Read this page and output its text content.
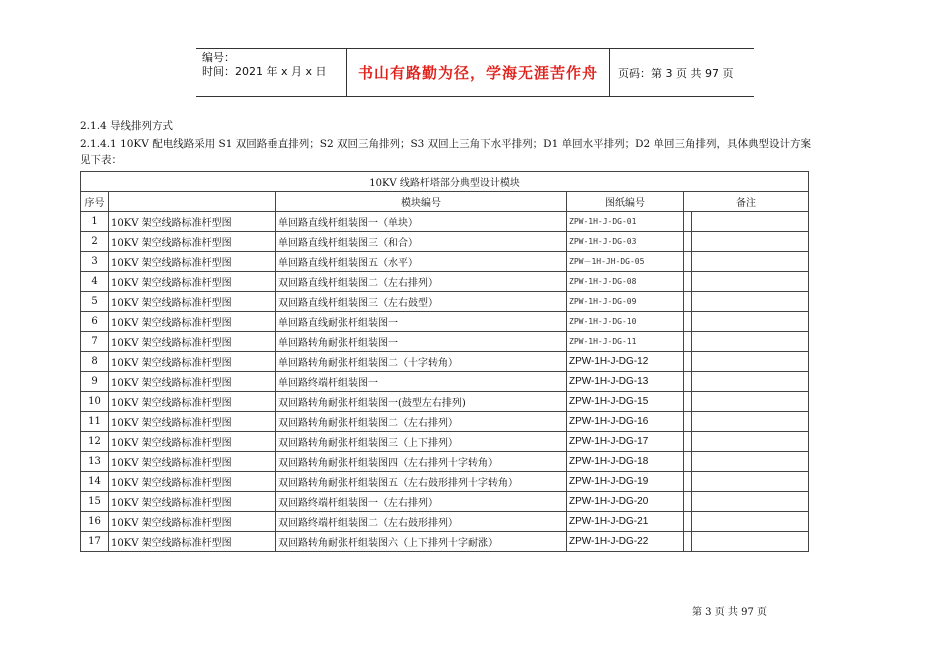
编号：
时间：2021 年 x 月 x 日	书山有路勤为径，学海无涯苦作舟	页码：第 3 页 共 97 页
2.1.4 导线排列方式
2.1.4.1 10KV 配电线路采用 S1 双回路垂直排列；S2 双回三角排列；S3 双回上三角下水平排列；D1 单回水平排列；D2 单回三角排列，具体典型设计方案
见下表：
10KV 线路杆塔部分典型设计模块					
序号		模块编号	图纸编号	备注	
1	10KV 架空线路标准杆型图	单回路直线杆组装图一（单块）	ZPW-1H-J-DG-01		
2	10KV 架空线路标准杆型图	单回路直线杆组装图三（和合）	ZPW-1H-J-DG-03		
3	10KV 架空线路标准杆型图	单回路直线杆组装图五（水平）	ZPW－1H-JH-DG-05		
4	10KV 架空线路标准杆型图	双回路直线杆组装图二（左右排列）	ZPW-1H-J-DG-08		
5	10KV 架空线路标准杆型图	双回路直线杆组装图三（左右鼓型）	ZPW-1H-J-DG-09		
6	10KV 架空线路标准杆型图	单回路直线耐张杆组装图一	ZPW-1H-J-DG-10		
7	10KV 架空线路标准杆型图	单回路转角耐张杆组装图一	ZPW-1H-J-DG-11		
8	10KV 架空线路标准杆型图	单回路转角耐张杆组装图二（十字转角）	ZPW-1H-J-DG-12		
9	10KV 架空线路标准杆型图	单回路终端杆组装图一	ZPW-1H-J-DG-13		
10	10KV 架空线路标准杆型图	双回路转角耐张杆组装图一(鼓型左右排列)	ZPW-1H-J-DG-15		
11	10KV 架空线路标准杆型图	双回路转角耐张杆组装图二（左右排列）	ZPW-1H-J-DG-16		
12	10KV 架空线路标准杆型图	双回路转角耐张杆组装图三（上下排列）	ZPW-1H-J-DG-17		
13	10KV 架空线路标准杆型图	双回路转角耐张杆组装图四（左右排列十字转角）	ZPW-1H-J-DG-18		
14	10KV 架空线路标准杆型图	双回路转角耐张杆组装图五（左右鼓形排列十字转角）	ZPW-1H-J-DG-19		
15	10KV 架空线路标准杆型图	双回路终端杆组装图一（左右排列）	ZPW-1H-J-DG-20		
16	10KV 架空线路标准杆型图	双回路终端杆组装图二（左右鼓形排列）	ZPW-1H-J-DG-21		
17	10KV 架空线路标准杆型图	双回路转角耐张杆组装图六（上下排列十字耐涨）	ZPW-1H-J-DG-22		
第 3 页 共 97 页
